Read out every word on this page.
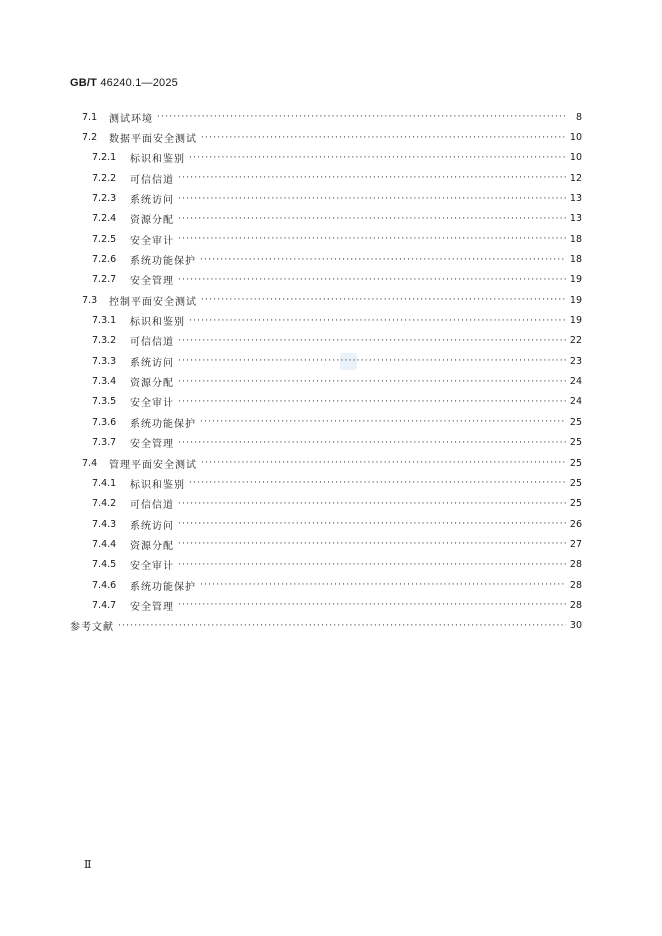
GB/T 46240.1—2025
7.1 测试环境 ·····	8
7.2 数据平面安全测试 ·····	10
7.2.1	标识和鉴别 ·····	10
7.2.2	可信信道 ·····	12
7.2.3	系统访问 ·····	13
7.2.4	资源分配 ·····	13
7.2.5	安全审计 ·····	18
7.2.6	系统功能保护 ·····	18
7.2.7	安全管理 ·····	19
7.3 控制平面安全测试 ·····	19
7.3.1	标识和鉴别 ·····	19
7.3.2	可信信道 ·····	22
7.3.3	系统访问 ·····	23
7.3.4	资源分配 ·····	24
7.3.5	安全审计 ·····	24
7.3.6	系统功能保护 ·····	25
7.3.7	安全管理 ·····	25
7.4 管理平面安全测试 ·····	25
7.4.1	标识和鉴别 ·····	25
7.4.2	可信信道 ·····	25
7.4.3	系统访问 ·····	26
7.4.4	资源分配 ·····	27
7.4.5	安全审计 ·····	28
7.4.6	系统功能保护 ·····	28
7.4.7	安全管理 ·····	28
参考文献 ·····	30
Ⅱ
